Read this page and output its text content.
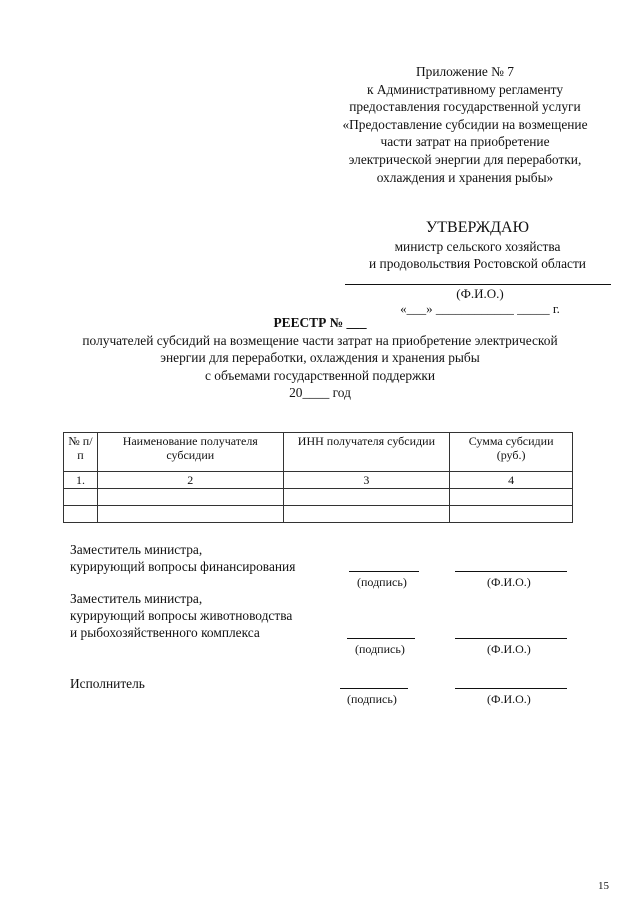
Приложение № 7
к Административному регламенту
предоставления государственной услуги
«Предоставление субсидии на возмещение
части затрат на приобретение
электрической энергии для переработки,
охлаждения и хранения рыбы»
УТВЕРЖДАЮ
министр сельского хозяйства
и продовольствия Ростовской области
(Ф.И.О.)
«___» ____________ _____ г.
РЕЕСТР № ___
получателей субсидий на возмещение части затрат на приобретение электрической
энергии для переработки, охлаждения и хранения рыбы
с объемами государственной поддержки
20____ год
№ п/п	Наименование получателя субсидии	ИНН получателя субсидии	Сумма субсидии (руб.)
1.	2	3	4

Заместитель министра,
курирующий вопросы финансирования
(подпись)	(Ф.И.О.)
Заместитель министра,
курирующий вопросы животноводства
и рыбохозяйственного комплекса
(подпись)	(Ф.И.О.)
Исполнитель
(подпись)	(Ф.И.О.)
15
